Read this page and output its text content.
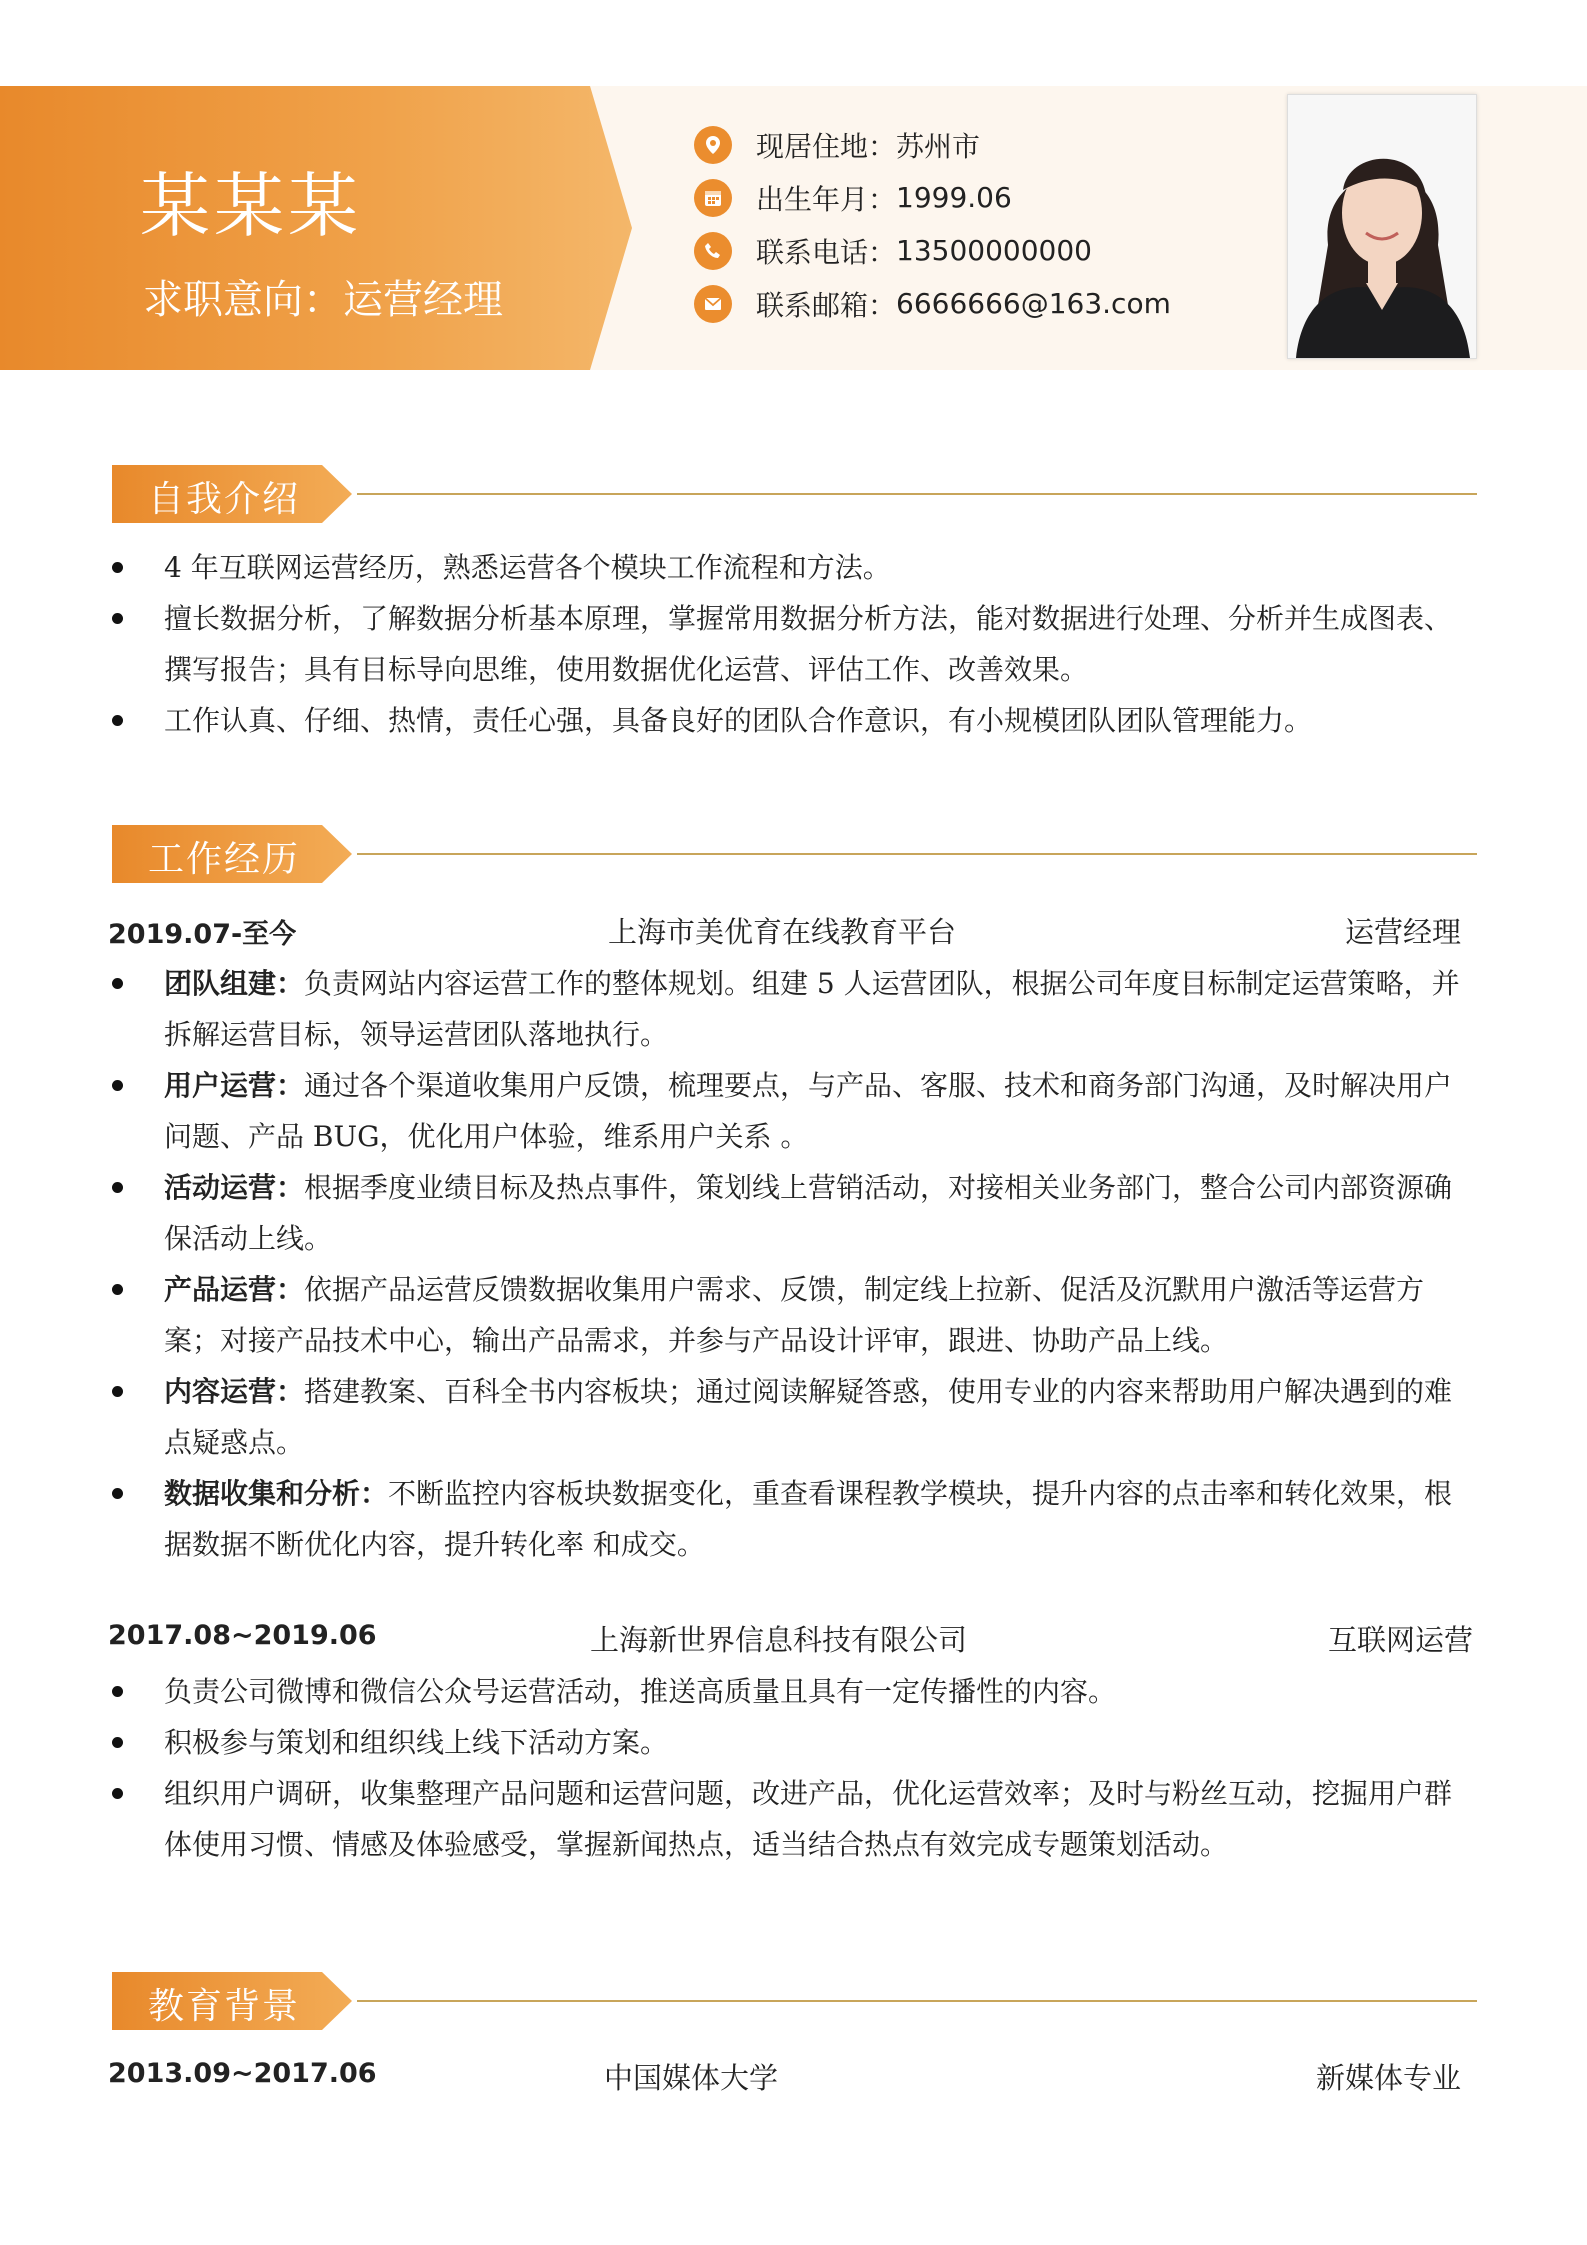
某某某
求职意向：运营经理
现居住地： 苏州市
出生年月： 1999.06
联系电话： 13500000000
联系邮箱： 6666666@163.com
自我介绍
4 年互联网运营经历，熟悉运营各个模块工作流程和方法。
擅长数据分析，了解数据分析基本原理，掌握常用数据分析方法，能对数据进行处理、分析并生成图表、撰写报告；具有目标导向思维，使用数据优化运营、评估工作、改善效果。
工作认真、仔细、热情，责任心强，具备良好的团队合作意识，有小规模团队团队管理能力。
工作经历
2019.07-至今	上海市美优育在线教育平台	运营经理
团队组建：负责网站内容运营工作的整体规划。组建 5 人运营团队，根据公司年度目标制定运营策略，并拆解运营目标，领导运营团队落地执行。
用户运营：通过各个渠道收集用户反馈，梳理要点，与产品、客服、技术和商务部门沟通，及时解决用户问题、产品 BUG，优化用户体验，维系用户关系 。
活动运营：根据季度业绩目标及热点事件，策划线上营销活动，对接相关业务部门，整合公司内部资源确保活动上线。
产品运营：依据产品运营反馈数据收集用户需求、反馈，制定线上拉新、促活及沉默用户激活等运营方案；对接产品技术中心，输出产品需求，并参与产品设计评审，跟进、协助产品上线。
内容运营：搭建教案、百科全书内容板块；通过阅读解疑答惑，使用专业的内容来帮助用户解决遇到的难点疑惑点。
数据收集和分析：不断监控内容板块数据变化，重查看课程教学模块，提升内容的点击率和转化效果，根据数据不断优化内容，提升转化率 和成交。
2017.08~2019.06	上海新世界信息科技有限公司	互联网运营
负责公司微博和微信公众号运营活动，推送高质量且具有一定传播性的内容。
积极参与策划和组织线上线下活动方案。
组织用户调研，收集整理产品问题和运营问题，改进产品，优化运营效率；及时与粉丝互动，挖掘用户群体使用习惯、情感及体验感受，掌握新闻热点，适当结合热点有效完成专题策划活动。
教育背景
2013.09~2017.06	中国媒体大学	新媒体专业
